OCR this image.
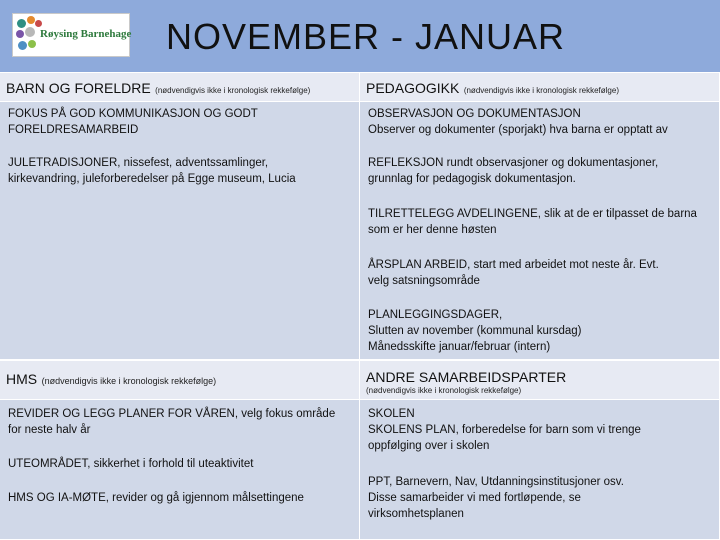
Røysing Barnehage NOVEMBER - JANUAR
BARN OG FORELDRE (nødvendigvis ikke i kronologisk rekkefølge)	PEDAGOGIKK (nødvendigvis ikke i kronologisk rekkefølge)
FOKUS PÅ GOD KOMMUNIKASJON OG GODT
FORELDRESAMARBEID
JULETRADISJONER, nissefest, adventssamlinger,
kirkevandring, juleforberedelser på Egge museum, Lucia
OBSERVASJON OG DOKUMENTASJON
Observer og dokumenter (sporjakt) hva barna er opptatt av
REFLEKSJON rundt observasjoner og dokumentasjoner,
grunnlag for pedagogisk dokumentasjon.
TILRETTELEGG AVDELINGENE, slik at de er tilpasset de barna
som er her denne høsten
ÅRSPLAN ARBEID, start med arbeidet mot neste år. Evt.
velg satsningsområde
PLANLEGGINGSDAGER,
Slutten av november (kommunal kursdag)
Månedsskifte januar/februar (intern)
HMS (nødvendigvis ikke i kronologisk rekkefølge)	ANDRE SAMARBEIDSPARTER
(nødvendigvis ikke i kronologisk rekkefølge)
REVIDER OG LEGG PLANER FOR VÅREN, velg fokus område
for neste halv år
UTEOMRÅDET, sikkerhet i forhold til uteaktivitet
HMS OG IA-MØTE, revider og gå igjennom målsettingene
SKOLEN
SKOLENS PLAN, forberedelse for barn som vi trenge
oppfølging over i skolen
PPT, Barnevern, Nav, Utdanningsinstitusjoner osv.
Disse samarbeider vi med fortløpende, se
virksomhetsplanen
